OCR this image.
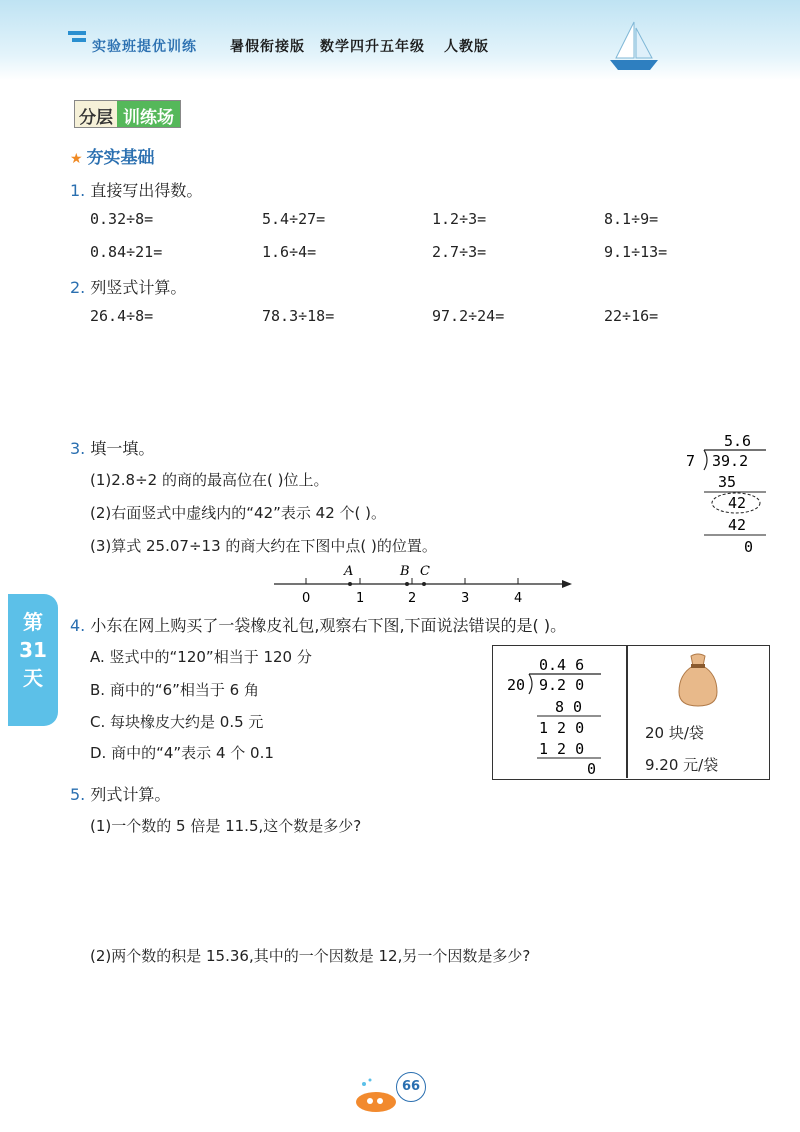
实验班提优训练 暑假衔接版 数学四升五年级 人教版
分层 训练场
★ 夯实基础
1. 直接写出得数。
0.32÷8=	5.4÷27=	1.2÷3=	8.1÷9=
0.84÷21=	1.6÷4=	2.7÷3=	9.1÷13=
2. 列竖式计算。
26.4÷8=	78.3÷18=	97.2÷24=	22÷16=
3. 填一填。
(1)2.8÷2 的商的最高位在( )位上。
(2)右面竖式中虚线内的“42”表示 42 个( )。
(3)算式 25.07÷13 的商大约在下图中点( )的位置。
5.6
7 39.2
35
42
42
0
0	1	2	3	4
A	B C
第
31
天
4. 小东在网上购买了一袋橡皮礼包,观察右下图,下面说法错误的是( )。
A. 竖式中的“120”相当于 120 分
B. 商中的“6”相当于 6 角
C. 每块橡皮大约是 0.5 元
D. 商中的“4”表示 4 个 0.1
0.4 6
20 9.2 0
8 0
1 2 0
1 2 0
0
20 块/袋
9.20 元/袋
5. 列式计算。
(1)一个数的 5 倍是 11.5,这个数是多少?
(2)两个数的积是 15.36,其中的一个因数是 12,另一个因数是多少?
66
